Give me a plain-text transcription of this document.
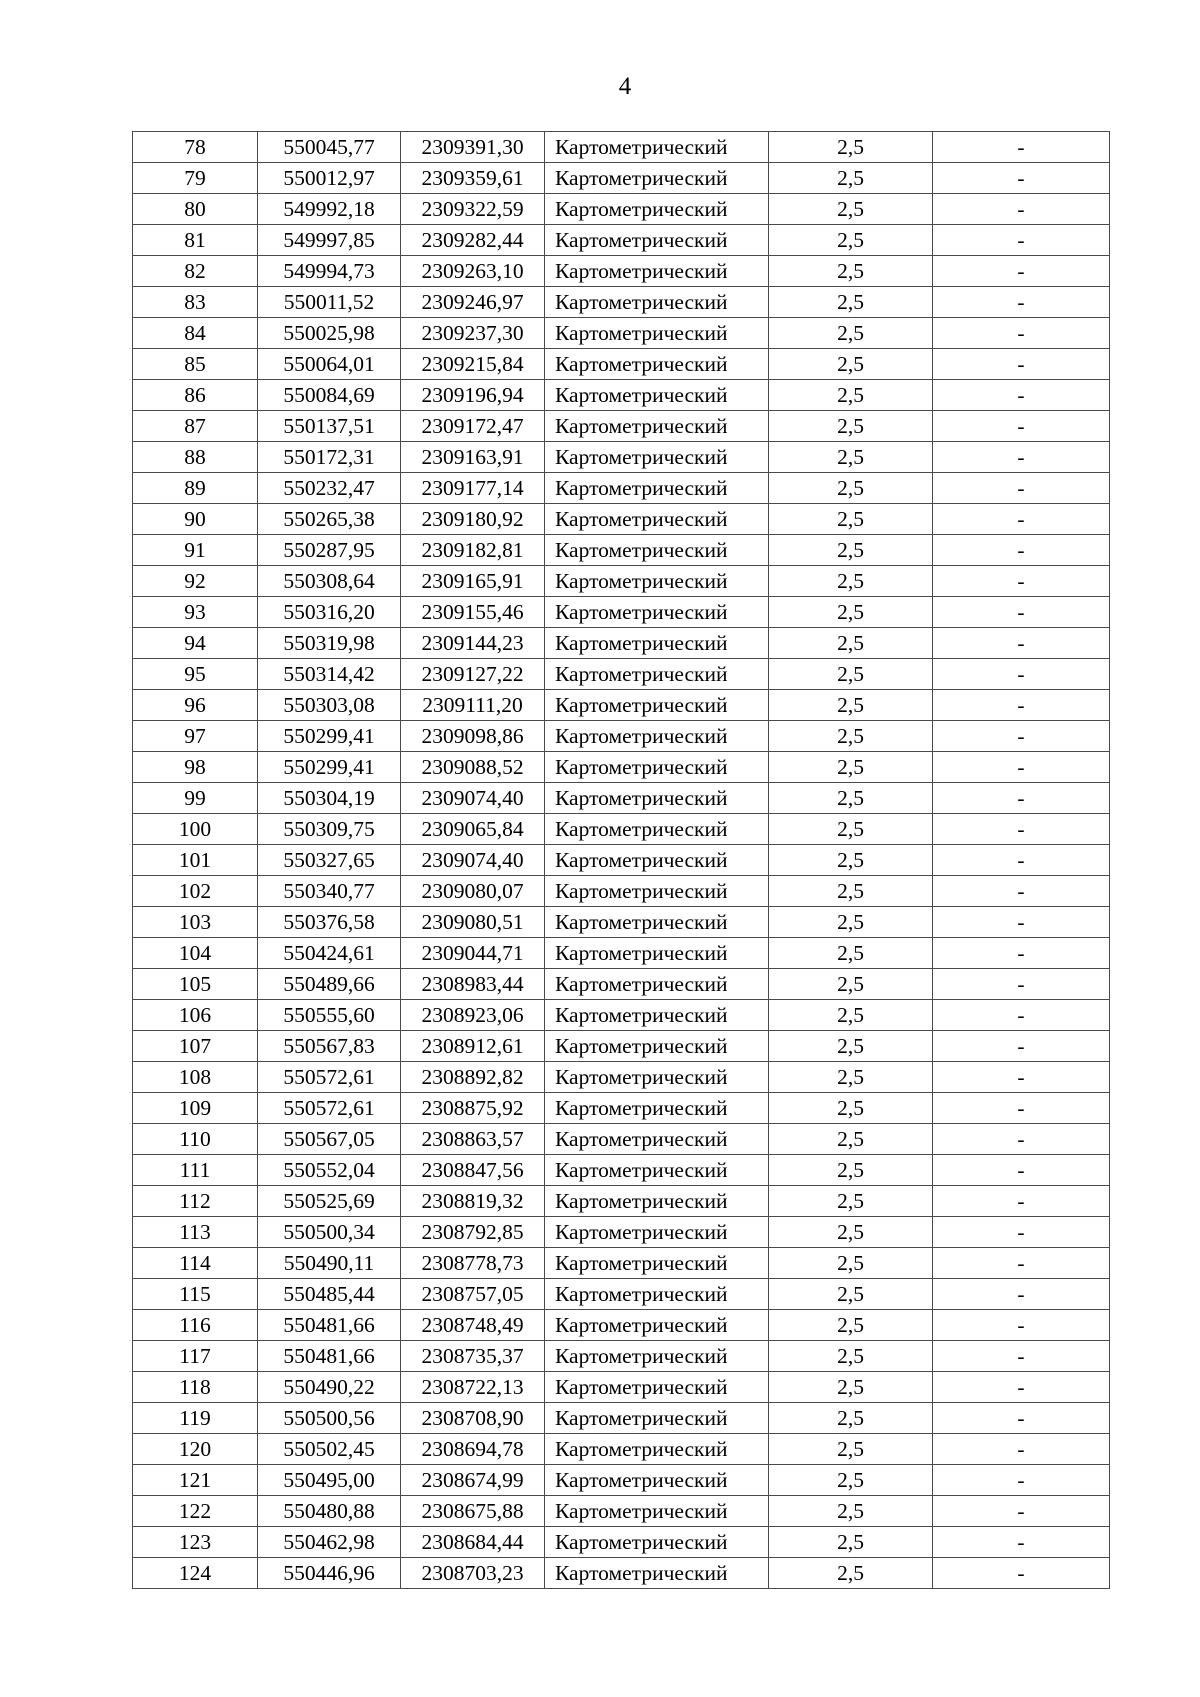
4
78	550045,77	2309391,30	Картометрический	2,5	-
79	550012,97	2309359,61	Картометрический	2,5	-
80	549992,18	2309322,59	Картометрический	2,5	-
81	549997,85	2309282,44	Картометрический	2,5	-
82	549994,73	2309263,10	Картометрический	2,5	-
83	550011,52	2309246,97	Картометрический	2,5	-
84	550025,98	2309237,30	Картометрический	2,5	-
85	550064,01	2309215,84	Картометрический	2,5	-
86	550084,69	2309196,94	Картометрический	2,5	-
87	550137,51	2309172,47	Картометрический	2,5	-
88	550172,31	2309163,91	Картометрический	2,5	-
89	550232,47	2309177,14	Картометрический	2,5	-
90	550265,38	2309180,92	Картометрический	2,5	-
91	550287,95	2309182,81	Картометрический	2,5	-
92	550308,64	2309165,91	Картометрический	2,5	-
93	550316,20	2309155,46	Картометрический	2,5	-
94	550319,98	2309144,23	Картометрический	2,5	-
95	550314,42	2309127,22	Картометрический	2,5	-
96	550303,08	2309111,20	Картометрический	2,5	-
97	550299,41	2309098,86	Картометрический	2,5	-
98	550299,41	2309088,52	Картометрический	2,5	-
99	550304,19	2309074,40	Картометрический	2,5	-
100	550309,75	2309065,84	Картометрический	2,5	-
101	550327,65	2309074,40	Картометрический	2,5	-
102	550340,77	2309080,07	Картометрический	2,5	-
103	550376,58	2309080,51	Картометрический	2,5	-
104	550424,61	2309044,71	Картометрический	2,5	-
105	550489,66	2308983,44	Картометрический	2,5	-
106	550555,60	2308923,06	Картометрический	2,5	-
107	550567,83	2308912,61	Картометрический	2,5	-
108	550572,61	2308892,82	Картометрический	2,5	-
109	550572,61	2308875,92	Картометрический	2,5	-
110	550567,05	2308863,57	Картометрический	2,5	-
111	550552,04	2308847,56	Картометрический	2,5	-
112	550525,69	2308819,32	Картометрический	2,5	-
113	550500,34	2308792,85	Картометрический	2,5	-
114	550490,11	2308778,73	Картометрический	2,5	-
115	550485,44	2308757,05	Картометрический	2,5	-
116	550481,66	2308748,49	Картометрический	2,5	-
117	550481,66	2308735,37	Картометрический	2,5	-
118	550490,22	2308722,13	Картометрический	2,5	-
119	550500,56	2308708,90	Картометрический	2,5	-
120	550502,45	2308694,78	Картометрический	2,5	-
121	550495,00	2308674,99	Картометрический	2,5	-
122	550480,88	2308675,88	Картометрический	2,5	-
123	550462,98	2308684,44	Картометрический	2,5	-
124	550446,96	2308703,23	Картометрический	2,5	-
